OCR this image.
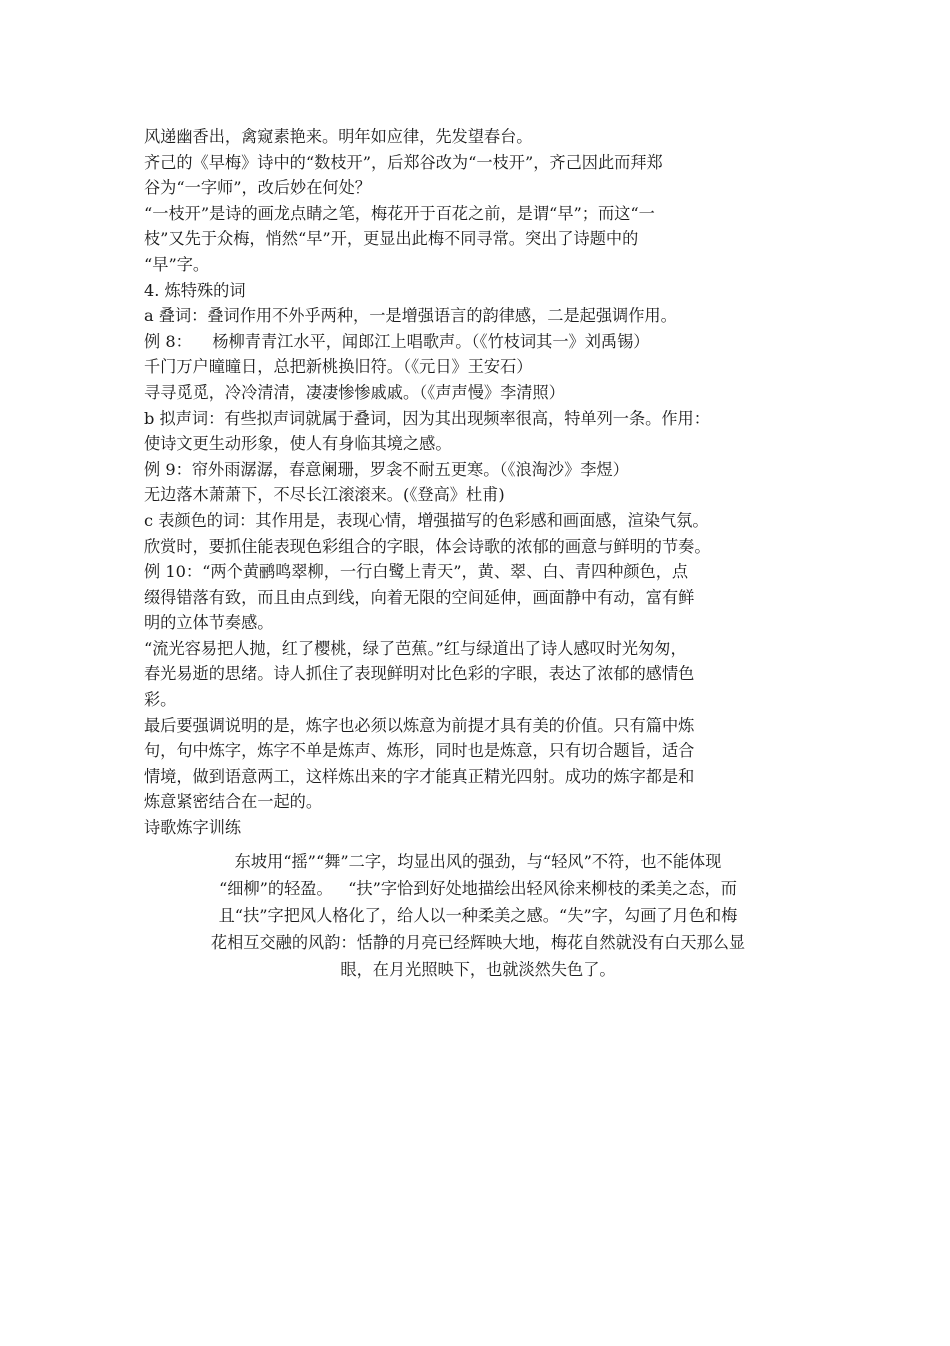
风递幽香出，禽窥素艳来。明年如应律，先发望春台。
齐己的《早梅》诗中的“数枝开”，后郑谷改为“一枝开”，齐己因此而拜郑
谷为“一字师”，改后妙在何处？
“一枝开”是诗的画龙点睛之笔，梅花开于百花之前，是谓“早”；而这“一
枝”又先于众梅，悄然“早”开，更显出此梅不同寻常。突出了诗题中的
“早”字。
4. 炼特殊的词
a 叠词：叠词作用不外乎两种，一是增强语言的韵律感，二是起强调作用。
例 8：    杨柳青青江水平，闻郎江上唱歌声。（《竹枝词其一》刘禹锡）
千门万户曈曈日，总把新桃换旧符。（《元日》王安石）
寻寻觅觅，冷冷清清，凄凄惨惨戚戚。（《声声慢》李清照）
b 拟声词：有些拟声词就属于叠词，因为其出现频率很高，特单列一条。作用：
使诗文更生动形象，使人有身临其境之感。
例 9：帘外雨潺潺，春意阑珊，罗衾不耐五更寒。（《浪淘沙》李煜）
无边落木萧萧下，不尽长江滚滚来。(《登高》杜甫)
c 表颜色的词：其作用是，表现心情，增强描写的色彩感和画面感，渲染气氛。
欣赏时，要抓住能表现色彩组合的字眼，体会诗歌的浓郁的画意与鲜明的节奏。
例 10：“两个黄鹂鸣翠柳，一行白鹭上青天”，黄、翠、白、青四种颜色，点
缀得错落有致，而且由点到线，向着无限的空间延伸，画面静中有动，富有鲜
明的立体节奏感。
“流光容易把人抛，红了樱桃，绿了芭蕉。”红与绿道出了诗人感叹时光匆匆，
春光易逝的思绪。诗人抓住了表现鲜明对比色彩的字眼，表达了浓郁的感情色
彩。
最后要强调说明的是，炼字也必须以炼意为前提才具有美的价值。只有篇中炼
句，句中炼字，炼字不单是炼声、炼形，同时也是炼意，只有切合题旨，适合
情境，做到语意两工，这样炼出来的字才能真正精光四射。成功的炼字都是和
炼意紧密结合在一起的。
诗歌炼字训练
东坡用“摇”“舞”二字，均显出风的强劲，与“轻风”不符，也不能体现
“细柳”的轻盈。   “扶”字恰到好处地描绘出轻风徐来柳枝的柔美之态，而
且“扶”字把风人格化了，给人以一种柔美之感。“失”字，勾画了月色和梅
花相互交融的风韵：恬静的月亮已经辉映大地，梅花自然就没有白天那么显
眼，在月光照映下，也就淡然失色了。
